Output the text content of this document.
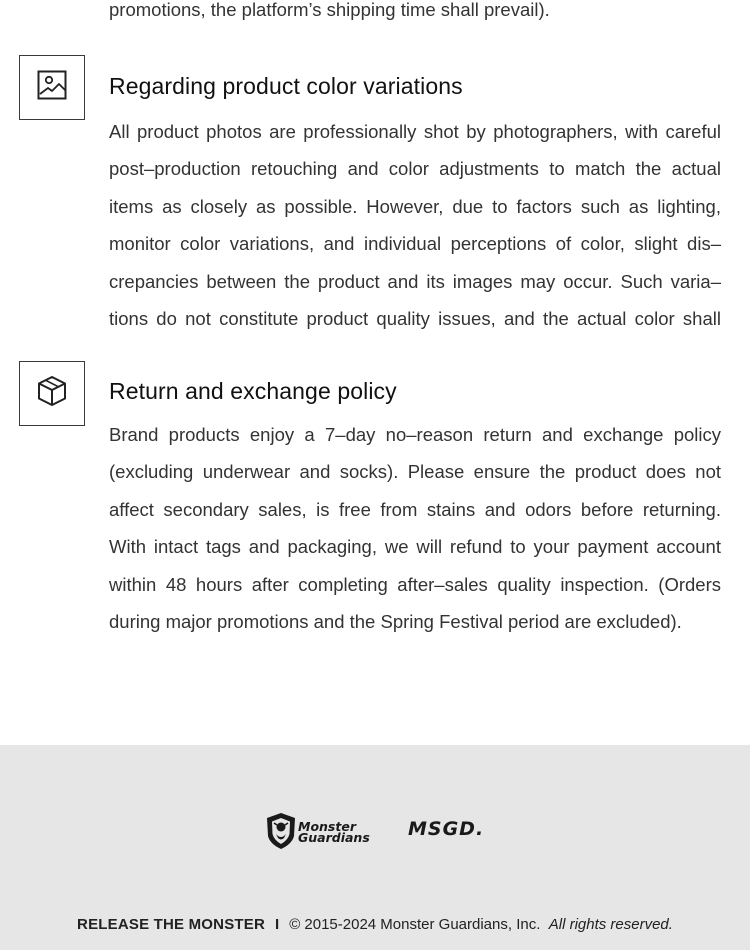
promotions, the platform’s shipping time shall prevail).
Regarding product color variations
All product photos are professionally shot by photographers, with careful
post–production retouching and color adjustments to match the actual
items as closely as possible. However, due to factors such as lighting,
monitor color variations, and individual perceptions of color, slight dis–
crepancies between the product and its images may occur. Such varia–
tions do not constitute product quality issues, and the actual color shall
Return and exchange policy
Brand products enjoy a 7–day no–reason return and exchange policy
(excluding underwear and socks). Please ensure the product does not
affect secondary sales, is free from stains and odors before returning.
With intact tags and packaging, we will refund to your payment account
within 48 hours after completing after–sales quality inspection. (Orders
during major promotions and the Spring Festival period are excluded).
Monster
Guardians MSGD.
RELEASE THE MONSTER I © 2015-2024 Monster Guardians, Inc. All rights reserved.
